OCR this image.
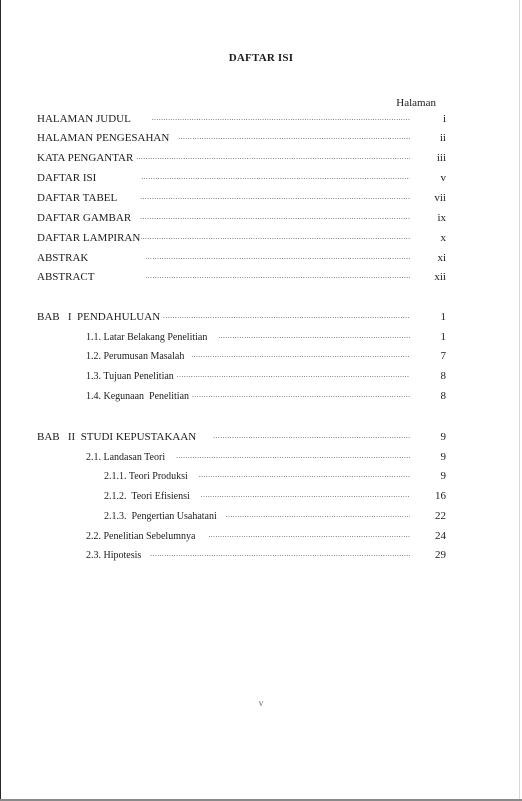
DAFTAR ISI
Halaman
HALAMAN JUDUL .....	i
HALAMAN PENGESAHAN .....	ii
KATA PENGANTAR .....	iii
DAFTAR ISI .....	v
DAFTAR TABEL .....	vii
DAFTAR GAMBAR .....	ix
DAFTAR LAMPIRAN .....	x
ABSTRAK .....	xi
ABSTRACT .....	xii
BAB   I  PENDAHULUAN .....	1
1.1. Latar Belakang Penelitian .....	1
1.2. Perumusan Masalah .....	7
1.3. Tujuan Penelitian .....	8
1.4. Kegunaan  Penelitian .....	8
BAB   II  STUDI KEPUSTAKAAN .....	9
2.1. Landasan Teori .....	9
2.1.1. Teori Produksi .....	9
2.1.2.  Teori Efisiensi .....	16
2.1.3.  Pengertian Usahatani .....	22
2.2. Penelitian Sebelumnya .....	24
2.3. Hipotesis .....	29
v
